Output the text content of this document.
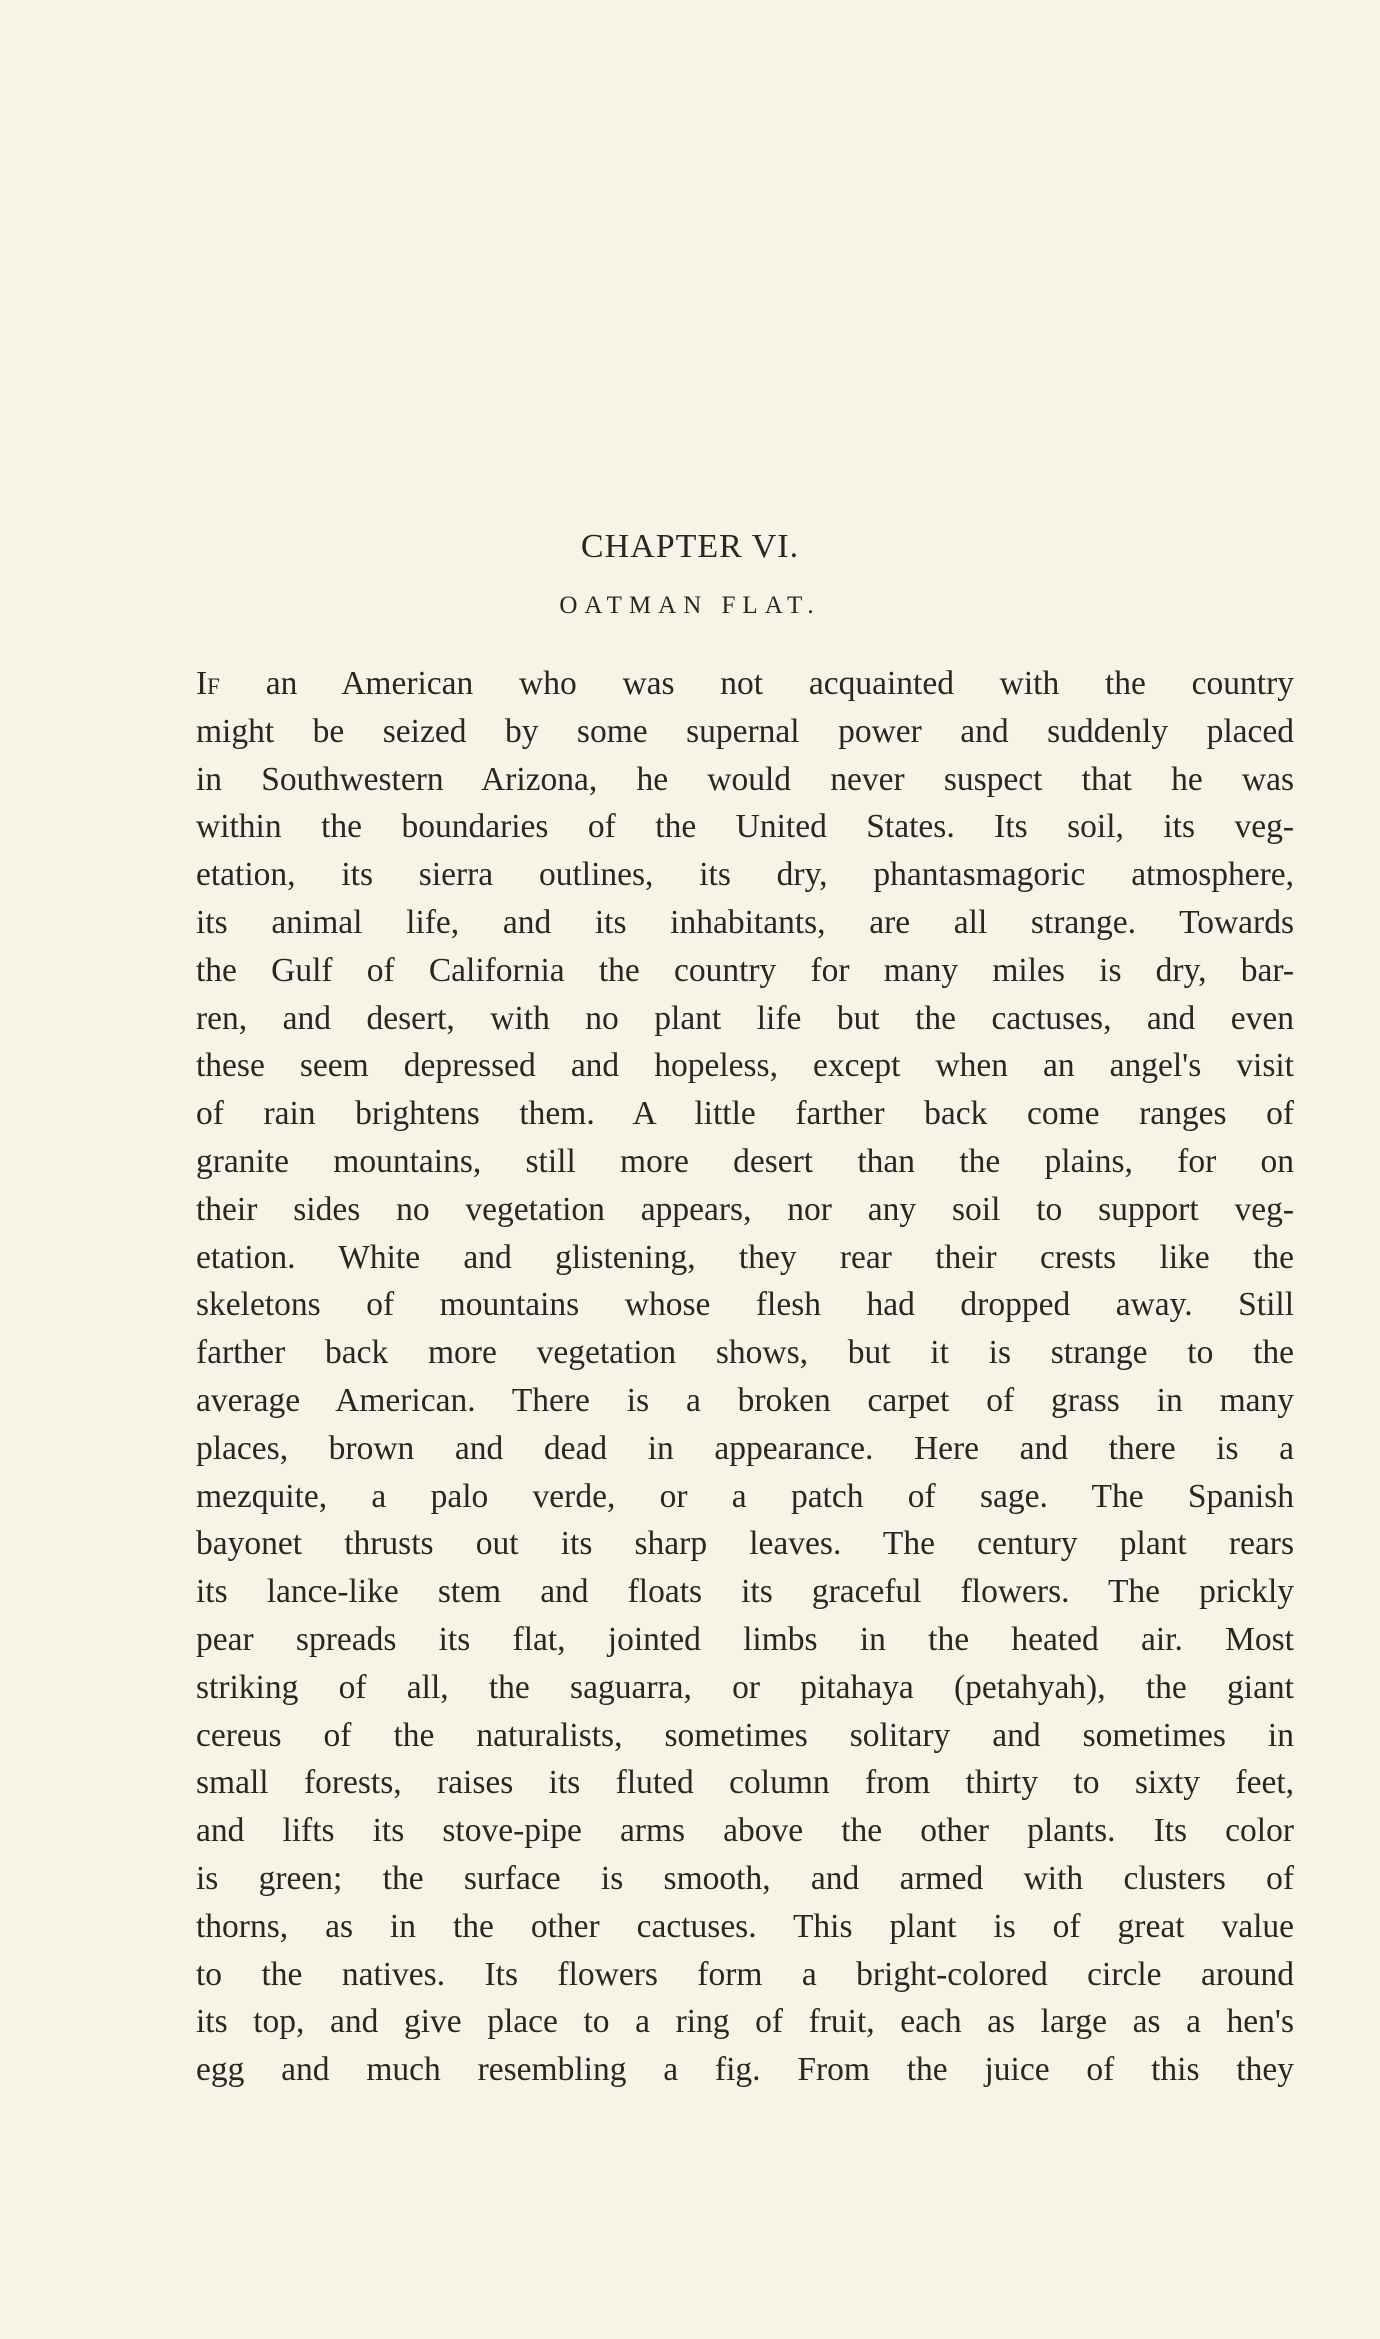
CHAPTER VI.
OATMAN FLAT.
If an American who was not acquainted with the country
might be seized by some supernal power and suddenly placed
in Southwestern Arizona, he would never suspect that he was
within the boundaries of the United States. Its soil, its veg-
etation, its sierra outlines, its dry, phantasmagoric atmosphere,
its animal life, and its inhabitants, are all strange. Towards
the Gulf of California the country for many miles is dry, bar-
ren, and desert, with no plant life but the cactuses, and even
these seem depressed and hopeless, except when an angel's visit
of rain brightens them. A little farther back come ranges of
granite mountains, still more desert than the plains, for on
their sides no vegetation appears, nor any soil to support veg-
etation. White and glistening, they rear their crests like the
skeletons of mountains whose flesh had dropped away. Still
farther back more vegetation shows, but it is strange to the
average American. There is a broken carpet of grass in many
places, brown and dead in appearance. Here and there is a
mezquite, a palo verde, or a patch of sage. The Spanish
bayonet thrusts out its sharp leaves. The century plant rears
its lance-like stem and floats its graceful flowers. The prickly
pear spreads its flat, jointed limbs in the heated air. Most
striking of all, the saguarra, or pitahaya (petahyah), the giant
cereus of the naturalists, sometimes solitary and sometimes in
small forests, raises its fluted column from thirty to sixty feet,
and lifts its stove-pipe arms above the other plants. Its color
is green; the surface is smooth, and armed with clusters of
thorns, as in the other cactuses. This plant is of great value
to the natives. Its flowers form a bright-colored circle around
its top, and give place to a ring of fruit, each as large as a hen's
egg and much resembling a fig. From the juice of this they
